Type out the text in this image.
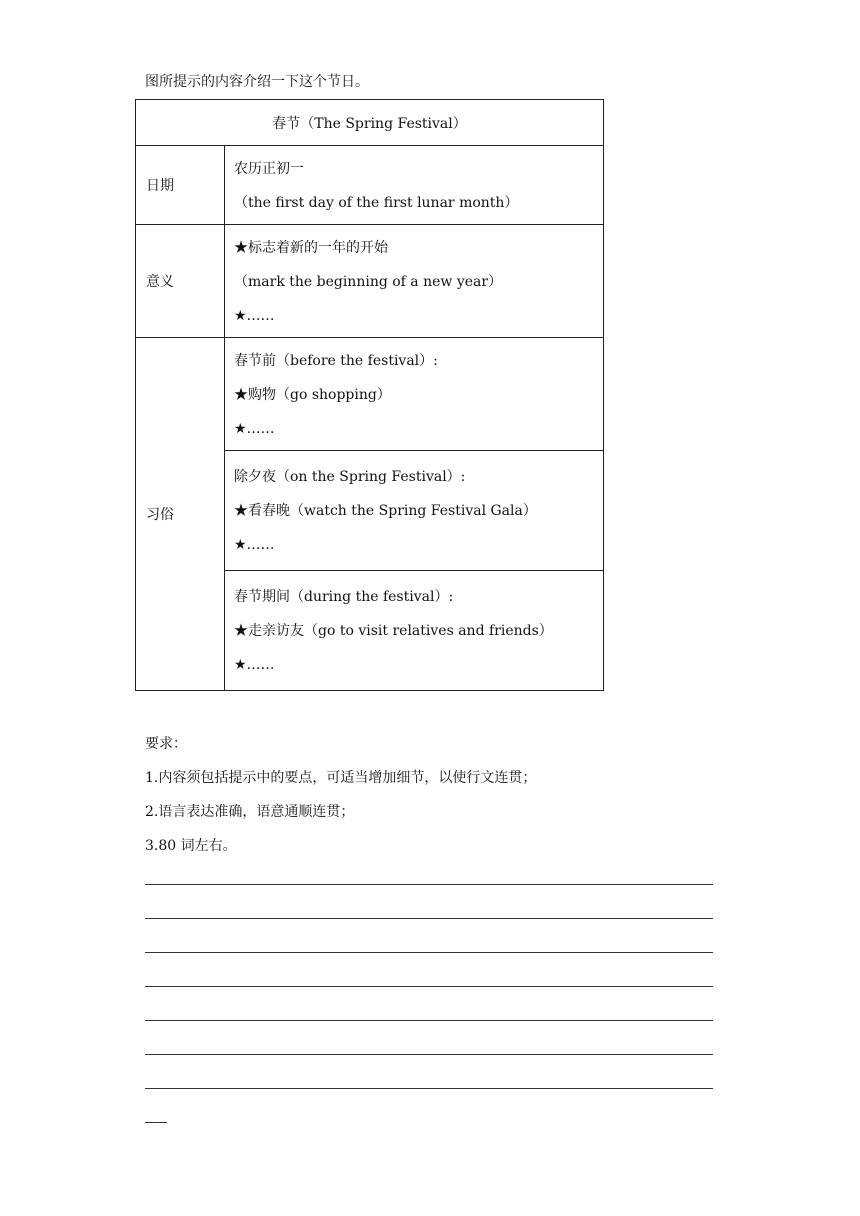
图所提示的内容介绍一下这个节日。
春节（The Spring Festival）	
日期	农历正初一
（the first day of the first lunar month）

意义	★标志着新的一年的开始
（mark the beginning of a new year）
★……

习俗	春节前（before the festival）:
★购物（go shopping）
★……

	除夕夜（on the Spring Festival）:
★看春晚（watch the Spring Festival Gala）
★……

	春节期间（during the festival）:
★走亲访友（go to visit relatives and friends）
★……
要求：
1.内容须包括提示中的要点，可适当增加细节，以使行文连贯；
2.语言表达准确，语意通顺连贯；
3.80 词左右。
